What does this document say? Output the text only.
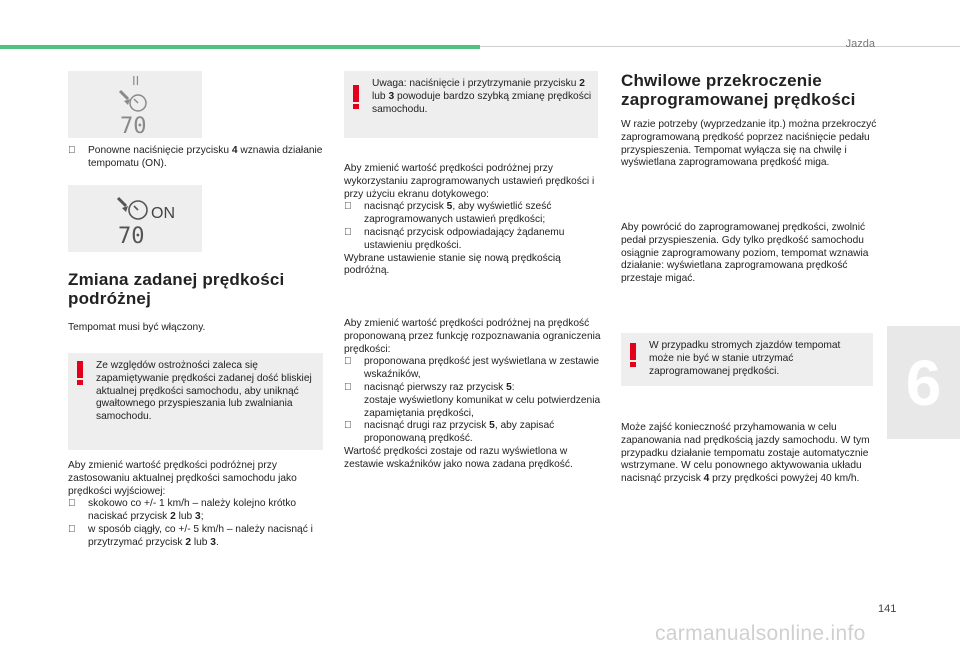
Jazda
II
70
Ponowne naciśnięcie przycisku 4 wznawia działanie tempomatu (ON).
ON
70
Zmiana zadanej prędkości podróżnej
Tempomat musi być włączony.
Ze względów ostrożności zaleca się zapamiętywanie prędkości zadanej dość bliskiej aktualnej prędkości samochodu, aby uniknąć gwałtownego przyspieszania lub zwalniania samochodu.

Aby zmienić wartość prędkości podróżnej przy zastosowaniu aktualnej prędkości samochodu jako prędkości wyjściowej:

skokowo co +/- 1 km/h – należy kolejno krótko naciskać przycisk 2 lub 3;
w sposób ciągły, co +/- 5 km/h – należy nacisnąć i przytrzymać przycisk 2 lub 3.
Uwaga: naciśnięcie i przytrzymanie przycisku 2 lub 3 powoduje bardzo szybką zmianę prędkości samochodu.

Aby zmienić wartość prędkości podróżnej przy wykorzystaniu zaprogramowanych ustawień prędkości i przy użyciu ekranu dotykowego:

nacisnąć przycisk 5, aby wyświetlić sześć zaprogramowanych ustawień prędkości;
nacisnąć przycisk odpowiadający żądanemu ustawieniu prędkości.

Wybrane ustawienie stanie się nową prędkością podróżną.

Aby zmienić wartość prędkości podróżnej na prędkość proponowaną przez funkcję rozpoznawania ograniczenia prędkości:

proponowana prędkość jest wyświetlana w zestawie wskaźników,
nacisnąć pierwszy raz przycisk 5:
zostaje wyświetlony komunikat w celu potwierdzenia zapamiętania prędkości,
nacisnąć drugi raz przycisk 5, aby zapisać proponowaną prędkość.

Wartość prędkości zostaje od razu wyświetlona w zestawie wskaźników jako nowa zadana prędkość.

Chwilowe przekroczenie zaprogramowanej prędkości
W razie potrzeby (wyprzedzanie itp.) można przekroczyć zaprogramowaną prędkość poprzez naciśnięcie pedału przyspieszenia. Tempomat wyłącza się na chwilę i wyświetlana zaprogramowana prędkość miga.
Aby powrócić do zaprogramowanej prędkości, zwolnić pedał przyspieszenia. Gdy tylko prędkość samochodu osiągnie zaprogramowany poziom, tempomat wznawia działanie: wyświetlana zaprogramowana prędkość przestaje migać.
W przypadku stromych zjazdów tempomat może nie być w stanie utrzymać zaprogramowanej prędkości.
Może zajść konieczność przyhamowania w celu zapanowania nad prędkością jazdy samochodu. W tym przypadku działanie tempomatu zostaje automatycznie wstrzymane. W celu ponownego aktywowania układu nacisnąć przycisk 4 przy prędkości powyżej 40 km/h.
6
141
carmanualsonline.info
